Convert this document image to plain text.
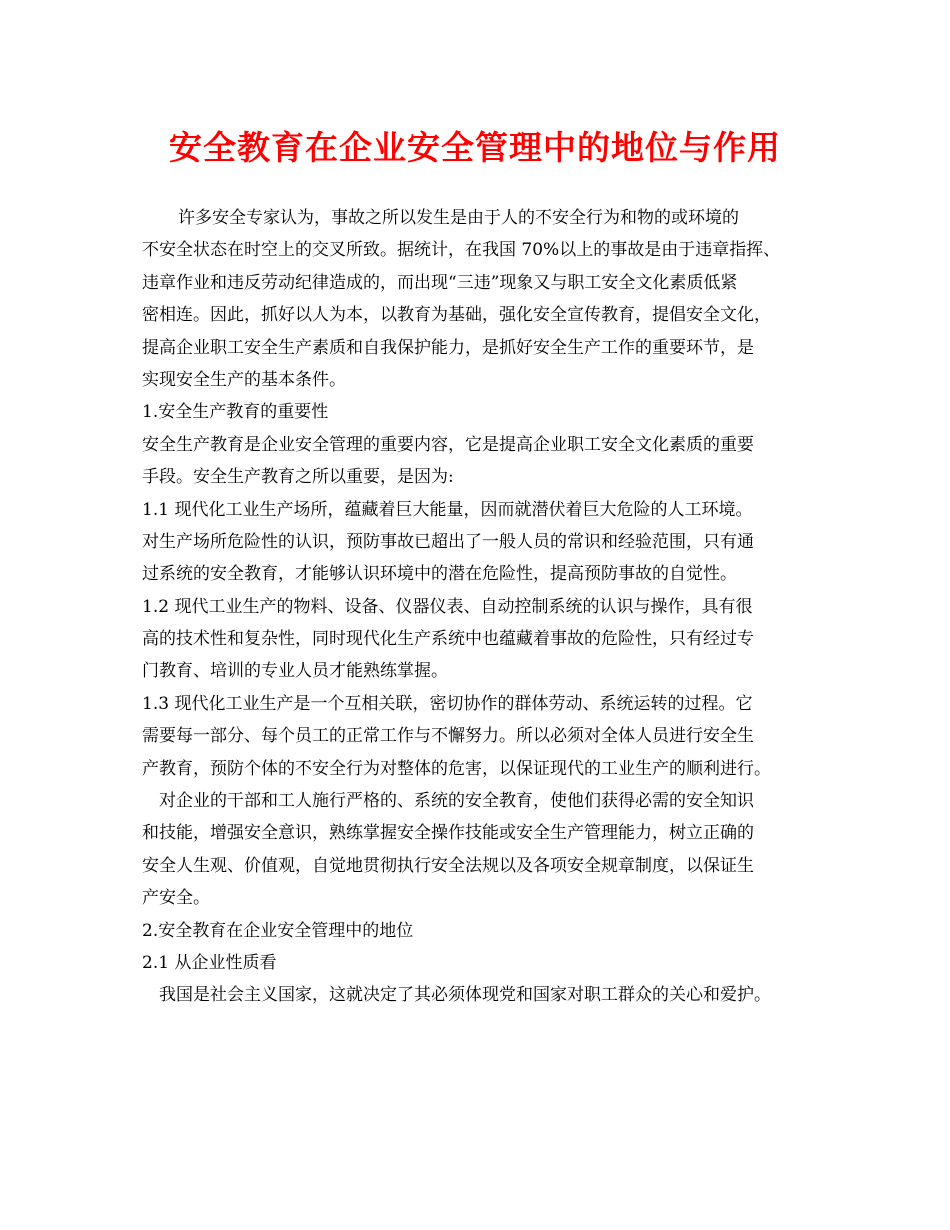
安全教育在企业安全管理中的地位与作用
许多安全专家认为，事故之所以发生是由于人的不安全行为和物的或环境的
不安全状态在时空上的交叉所致。据统计，在我国 70%以上的事故是由于违章指挥、
违章作业和违反劳动纪律造成的，而出现“三违”现象又与职工安全文化素质低紧
密相连。因此，抓好以人为本，以教育为基础，强化安全宣传教育，提倡安全文化，
提高企业职工安全生产素质和自我保护能力，是抓好安全生产工作的重要环节，是
实现安全生产的基本条件。
1.安全生产教育的重要性
安全生产教育是企业安全管理的重要内容，它是提高企业职工安全文化素质的重要
手段。安全生产教育之所以重要，是因为:
1.1 现代化工业生产场所，蕴藏着巨大能量，因而就潜伏着巨大危险的人工环境。
对生产场所危险性的认识，预防事故已超出了一般人员的常识和经验范围，只有通
过系统的安全教育，才能够认识环境中的潜在危险性，提高预防事故的自觉性。
1.2 现代工业生产的物料、设备、仪器仪表、自动控制系统的认识与操作，具有很
高的技术性和复杂性，同时现代化生产系统中也蕴藏着事故的危险性，只有经过专
门教育、培训的专业人员才能熟练掌握。
1.3 现代化工业生产是一个互相关联，密切协作的群体劳动、系统运转的过程。它
需要每一部分、每个员工的正常工作与不懈努力。所以必须对全体人员进行安全生
产教育，预防个体的不安全行为对整体的危害，以保证现代的工业生产的顺利进行。
对企业的干部和工人施行严格的、系统的安全教育，使他们获得必需的安全知识
和技能，增强安全意识，熟练掌握安全操作技能或安全生产管理能力，树立正确的
安全人生观、价值观，自觉地贯彻执行安全法规以及各项安全规章制度，以保证生
产安全。
2.安全教育在企业安全管理中的地位
2.1 从企业性质看
我国是社会主义国家，这就决定了其必须体现党和国家对职工群众的关心和爱护。
